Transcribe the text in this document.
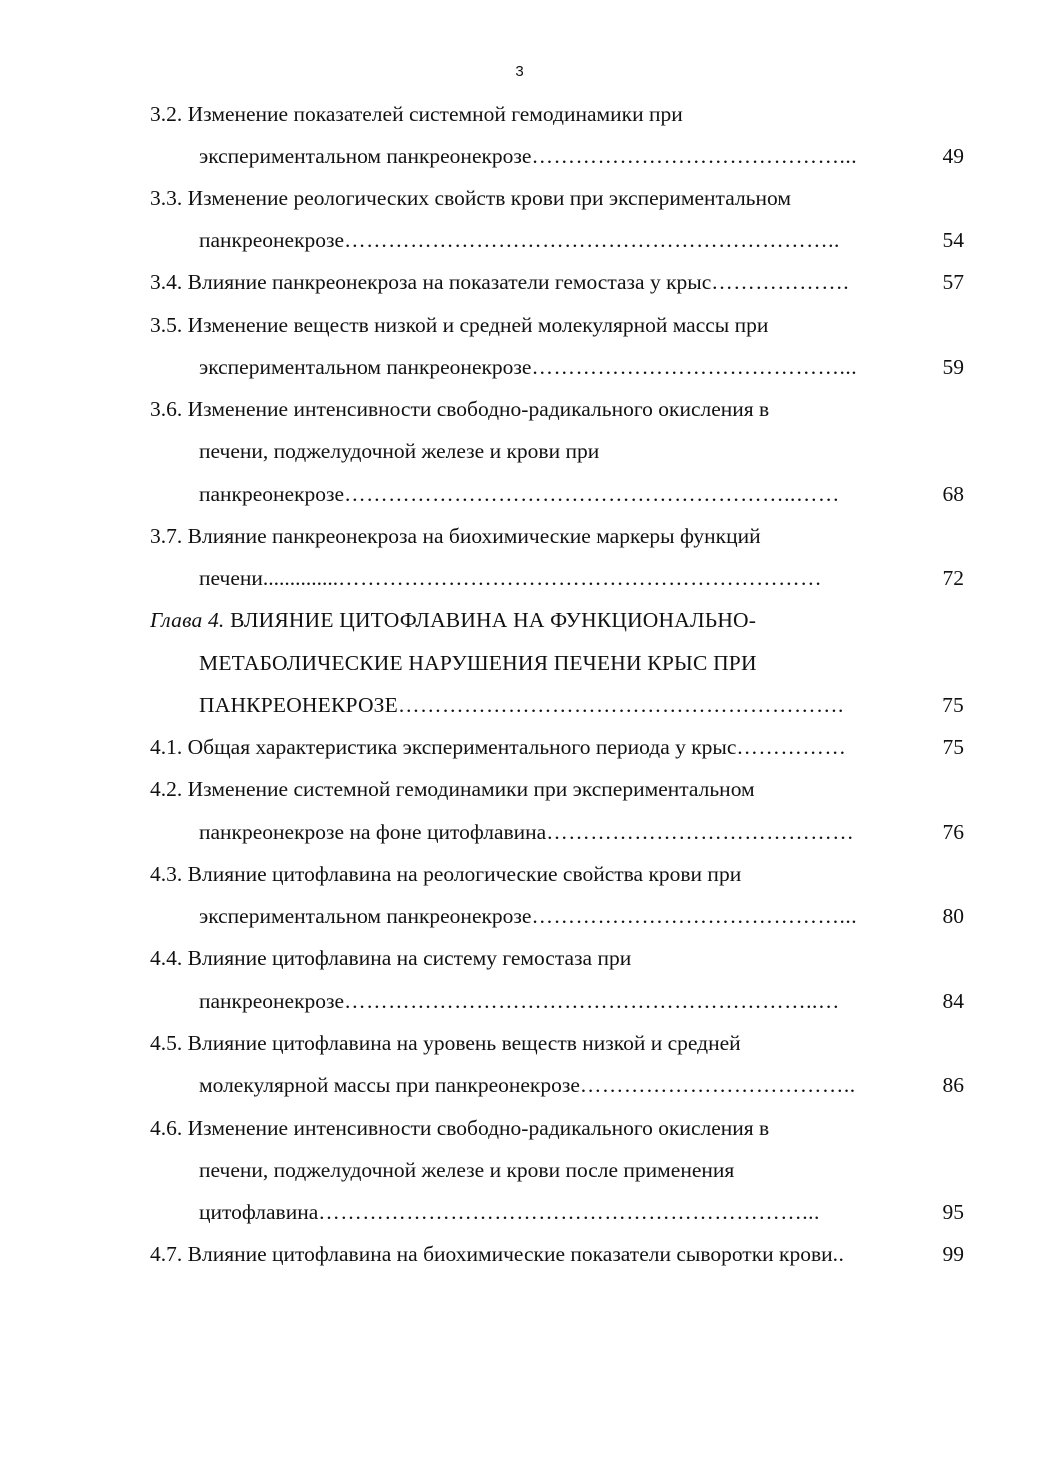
3
3.2. Изменение показателей системной гемодинамики при
экспериментальном панкреонекрозе ……………………………………...	49
3.3. Изменение реологических свойств крови при экспериментальном
панкреонекрозе …………………………………………………………..	54
3.4. Влияние панкреонекроза на показатели гемостаза у крыс ……………….	57
3.5. Изменение веществ низкой и средней молекулярной массы при
экспериментальном панкреонекрозе ……………………………………...	59
3.6. Изменение интенсивности свободно-радикального окисления в
печени, поджелудочной железе и крови при
панкреонекрозе ……………………………………………………..……	68
3.7. Влияние панкреонекроза на биохимические маркеры функций
печени.............. …………………………………………………………	72
Глава 4. ВЛИЯНИЕ ЦИТОФЛАВИНА НА ФУНКЦИОНАЛЬНО-
МЕТАБОЛИЧЕСКИЕ НАРУШЕНИЯ ПЕЧЕНИ КРЫС ПРИ
ПАНКРЕОНЕКРОЗЕ …………………………………………………….	75
4.1. Общая характеристика экспериментального периода у крыс ……………	75
4.2. Изменение системной гемодинамики при экспериментальном
панкреонекрозе на фоне цитофлавина ……………………………………	76
4.3. Влияние цитофлавина на реологические свойства крови при
экспериментальном панкреонекрозе ……………………………………...	80
4.4. Влияние цитофлавина на систему гемостаза при
панкреонекрозе ………………………………………………………..…	84
4.5. Влияние цитофлавина на уровень веществ низкой и средней
молекулярной массы при панкреонекрозе ………………………………..	86
4.6. Изменение интенсивности свободно-радикального окисления в
печени, поджелудочной железе и крови после применения
цитофлавина …………………………………………………………...	95
4.7. Влияние цитофлавина на биохимические показатели сыворотки крови ..	99
